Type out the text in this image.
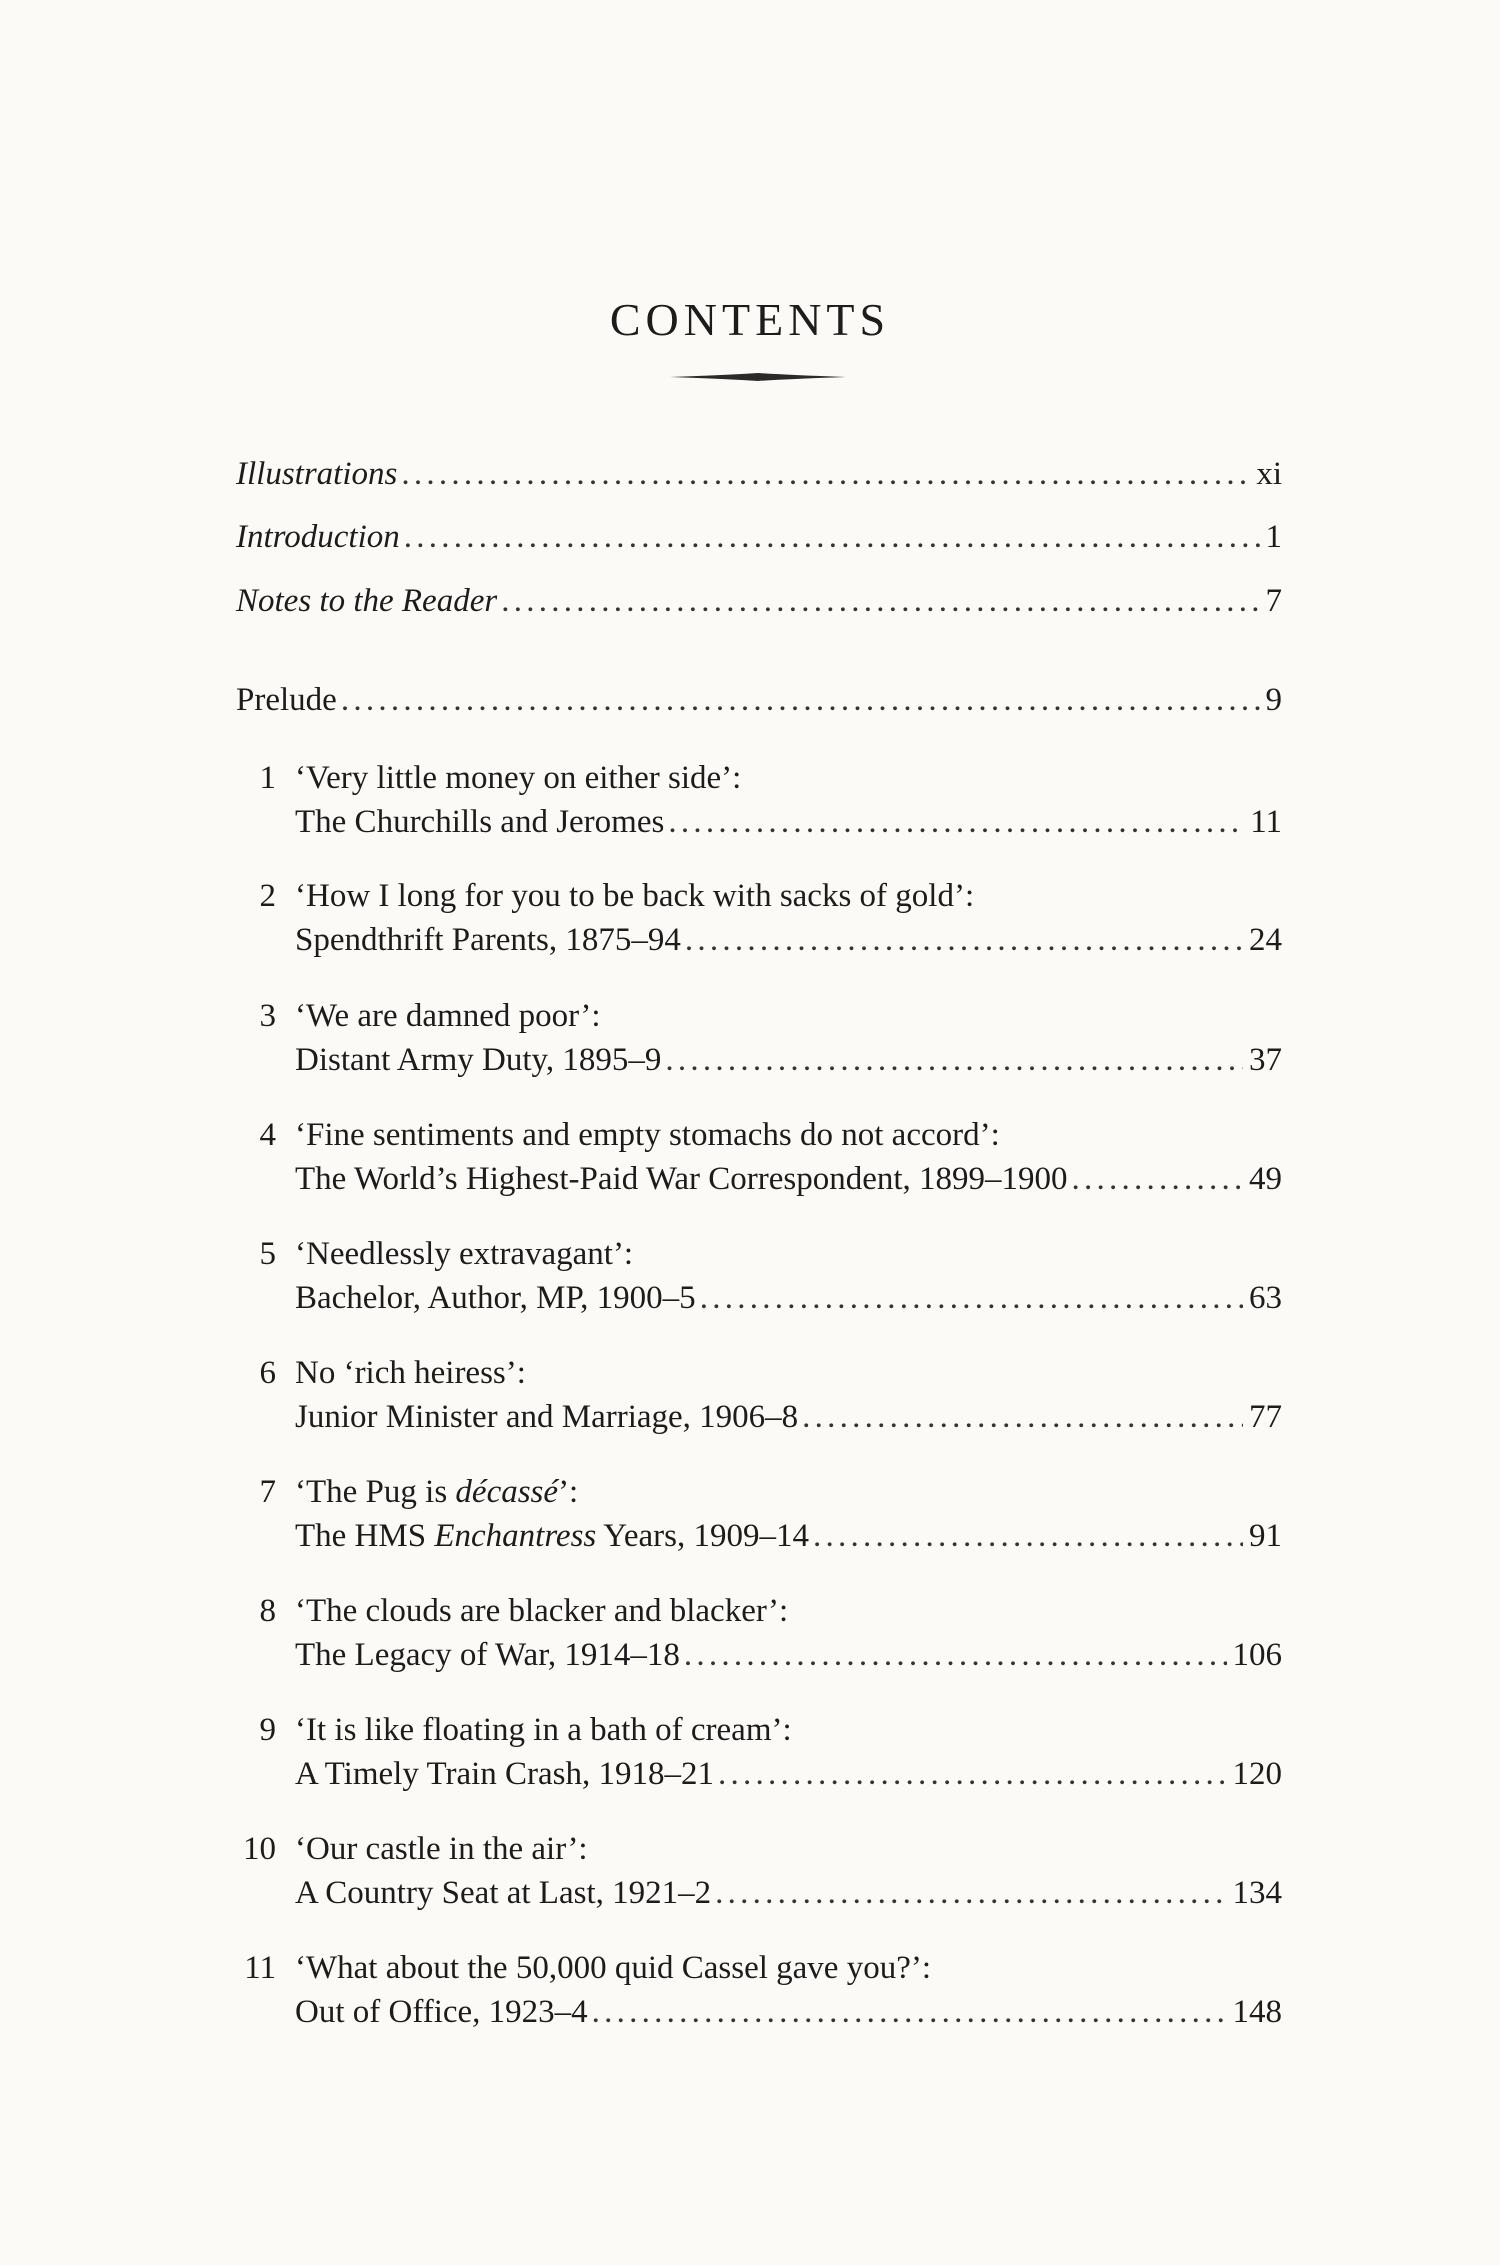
CONTENTS
Illustrations . . .	xi
Introduction . . .	1
Notes to the Reader . . .	7
Prelude . . .	9
1 ‘Very little money on either side’:
The Churchills and Jeromes . . .	11
2 ‘How I long for you to be back with sacks of gold’:
Spendthrift Parents, 1875–94 . . .	24
3 ‘We are damned poor’:
Distant Army Duty, 1895–9 . . .	37
4 ‘Fine sentiments and empty stomachs do not accord’:
The World’s Highest-Paid War Correspondent, 1899–1900 . . .	49
5 ‘Needlessly extravagant’:
Bachelor, Author, MP, 1900–5 . . .	63
6 No ‘rich heiress’:
Junior Minister and Marriage, 1906–8 . . .	77
7 ‘The Pug is décassé’:
The HMS Enchantress Years, 1909–14 . . .	91
8 ‘The clouds are blacker and blacker’:
The Legacy of War, 1914–18 . . .	106
9 ‘It is like floating in a bath of cream’:
A Timely Train Crash, 1918–21 . . .	120
10 ‘Our castle in the air’:
A Country Seat at Last, 1921–2 . . .	134
11 ‘What about the 50,000 quid Cassel gave you?’:
Out of Office, 1923–4 . . .	148
